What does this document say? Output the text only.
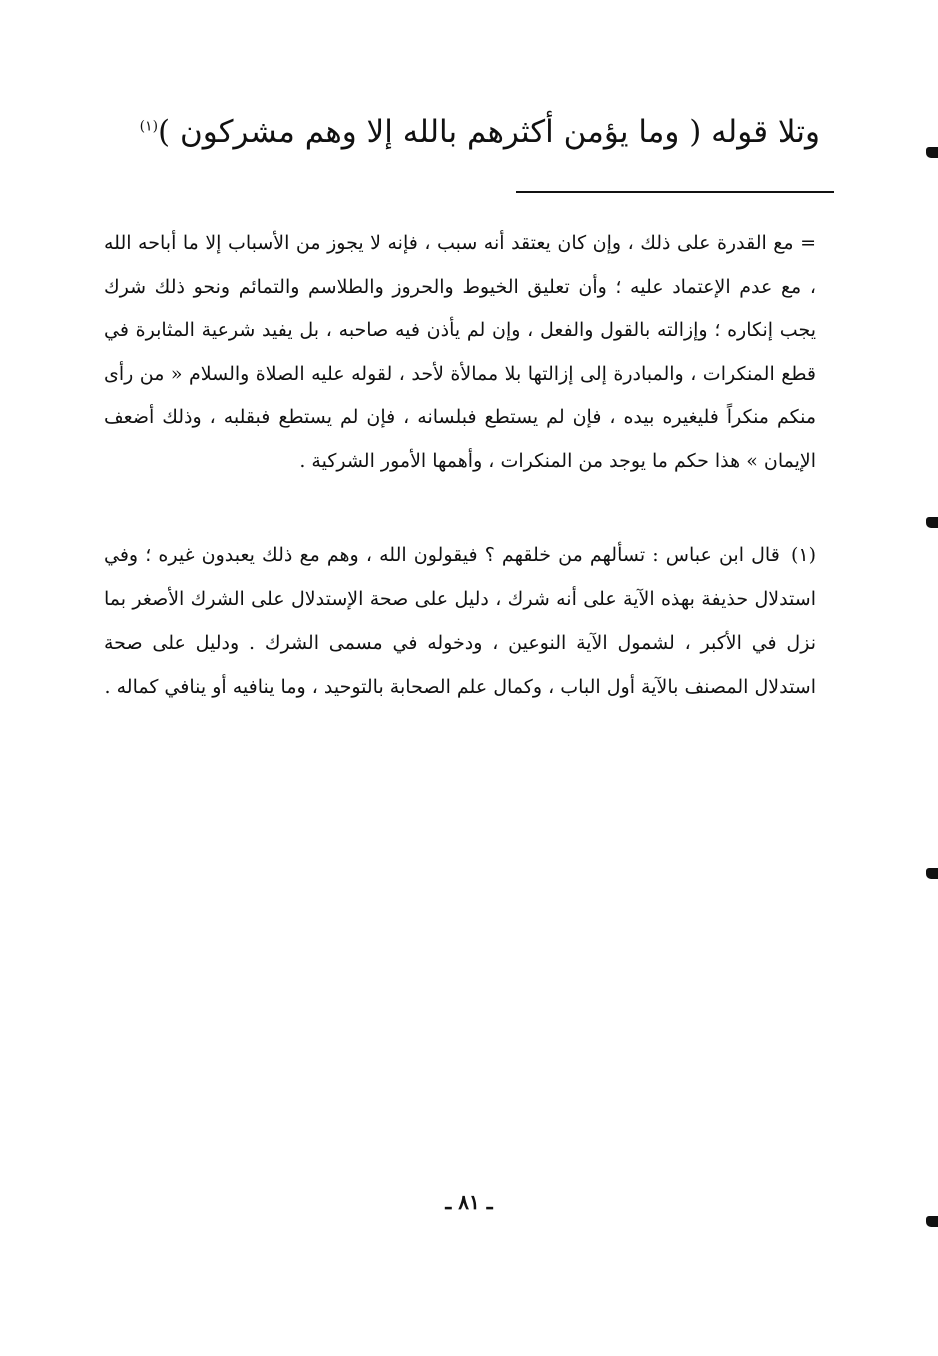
وتلا قوله ( وما يؤمن أكثرهم بالله إلا وهم مشركون )$^{(١)}$
= مع القدرة على ذلك ، وإن كان يعتقد أنه سبب ، فإنه لا يجوز من الأسباب إلا ما أباحه الله ، مع عدم الإعتماد عليه ؛ وأن تعليق الخيوط والحروز والطلاسم والتمائم ونحو ذلك شرك يجب إنكاره ؛ وإزالته بالقول والفعل ، وإن لم يأذن فيه صاحبه ، بل يفيد شرعية المثابرة في قطع المنكرات ، والمبادرة إلى إزالتها بلا ممالأة لأحد ، لقوله عليه الصلاة والسلام « من رأى منكم منكراً فليغيره بيده ، فإن لم يستطع فبلسانه ، فإن لم يستطع فبقلبه ، وذلك أضعف الإيمان » هذا حكم ما يوجد من المنكرات ، وأهمها الأمور الشركية .
(١) قال ابن عباس : تسألهم من خلقهم ؟ فيقولون الله ، وهم مع ذلك يعبدون غيره ؛ وفي استدلال حذيفة بهذه الآية على أنه شرك ، دليل على صحة الإستدلال على الشرك الأصغر بما نزل في الأكبر ، لشمول الآية النوعين ، ودخوله في مسمى الشرك . ودليل على صحة استدلال المصنف بالآية أول الباب ، وكمال علم الصحابة بالتوحيد ، وما ينافيه أو ينافي كماله .
ـ ٨١ ـ
